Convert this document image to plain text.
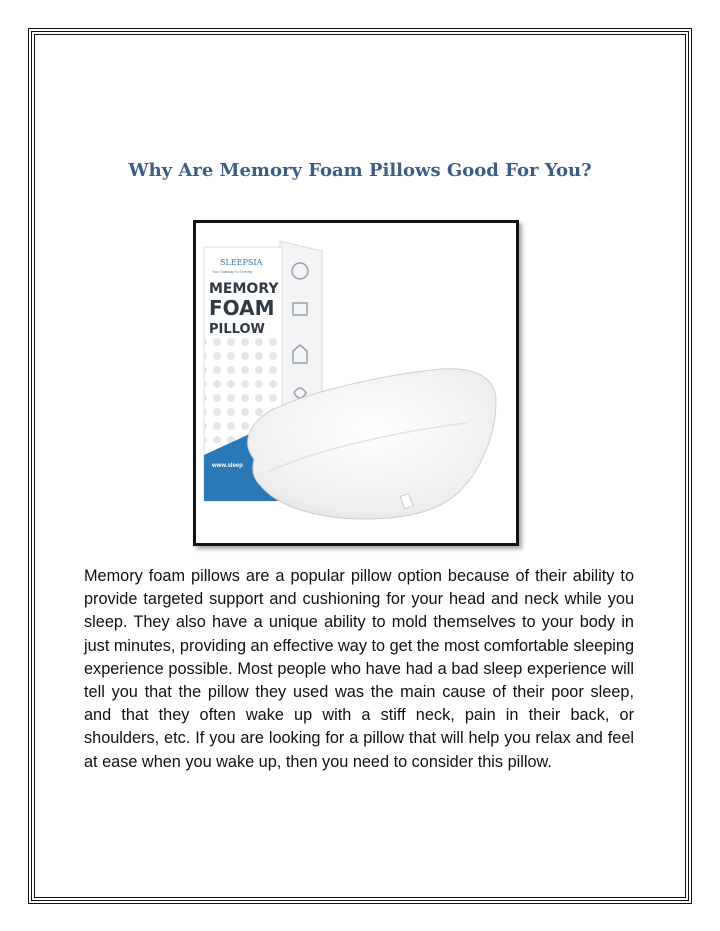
Why Are Memory Foam Pillows Good For You?
SLEEPSIA
Your Gateway To Serenity
MEMORY
FOAM
PILLOW
www.sleep

Memory foam pillows are a popular pillow option because of their ability to provide targeted support and cushioning for your head and neck while you sleep. They also have a unique ability to mold themselves to your body in just minutes, providing an effective way to get the most comfortable sleeping experience possible. Most people who have had a bad sleep experience will tell you that the pillow they used was the main cause of their poor sleep, and that they often wake up with a stiff neck, pain in their back, or shoulders, etc. If you are looking for a pillow that will help you relax and feel at ease when you wake up, then you need to consider this pillow.
